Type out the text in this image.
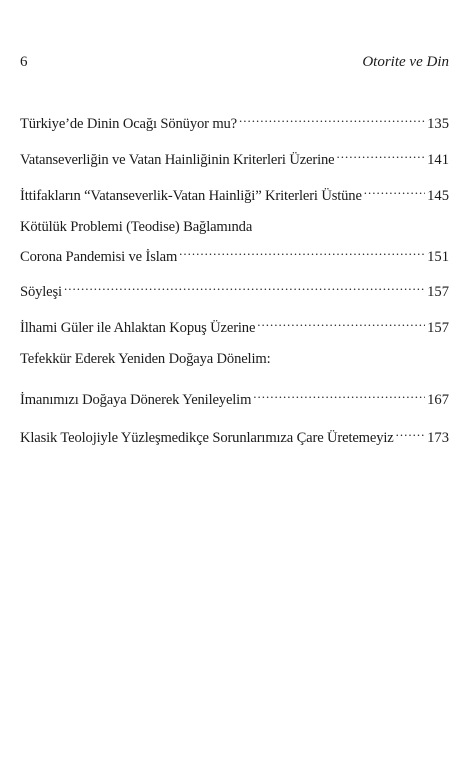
6	Otorite ve Din
Türkiye’de Dinin Ocağı Sönüyor mu? .....	135
Vatanseverliğin ve Vatan Hainliğinin Kriterleri Üzerine .....	141
İttifakların “Vatanseverlik-Vatan Hainliği” Kriterleri Üstüne .....	145
Kötülük Problemi (Teodise) Bağlamında
Corona Pandemisi ve İslam .....	151
Söyleşi .....	157
İlhami Güler ile Ahlaktan Kopuş Üzerine .....	157
Tefekkür Ederek Yeniden Doğaya Dönelim:
İmanımızı Doğaya Dönerek Yenileyelim .....	167
Klasik Teolojiyle Yüzleşmedikçe Sorunlarımıza Çare Üretemeyiz ..... 173
